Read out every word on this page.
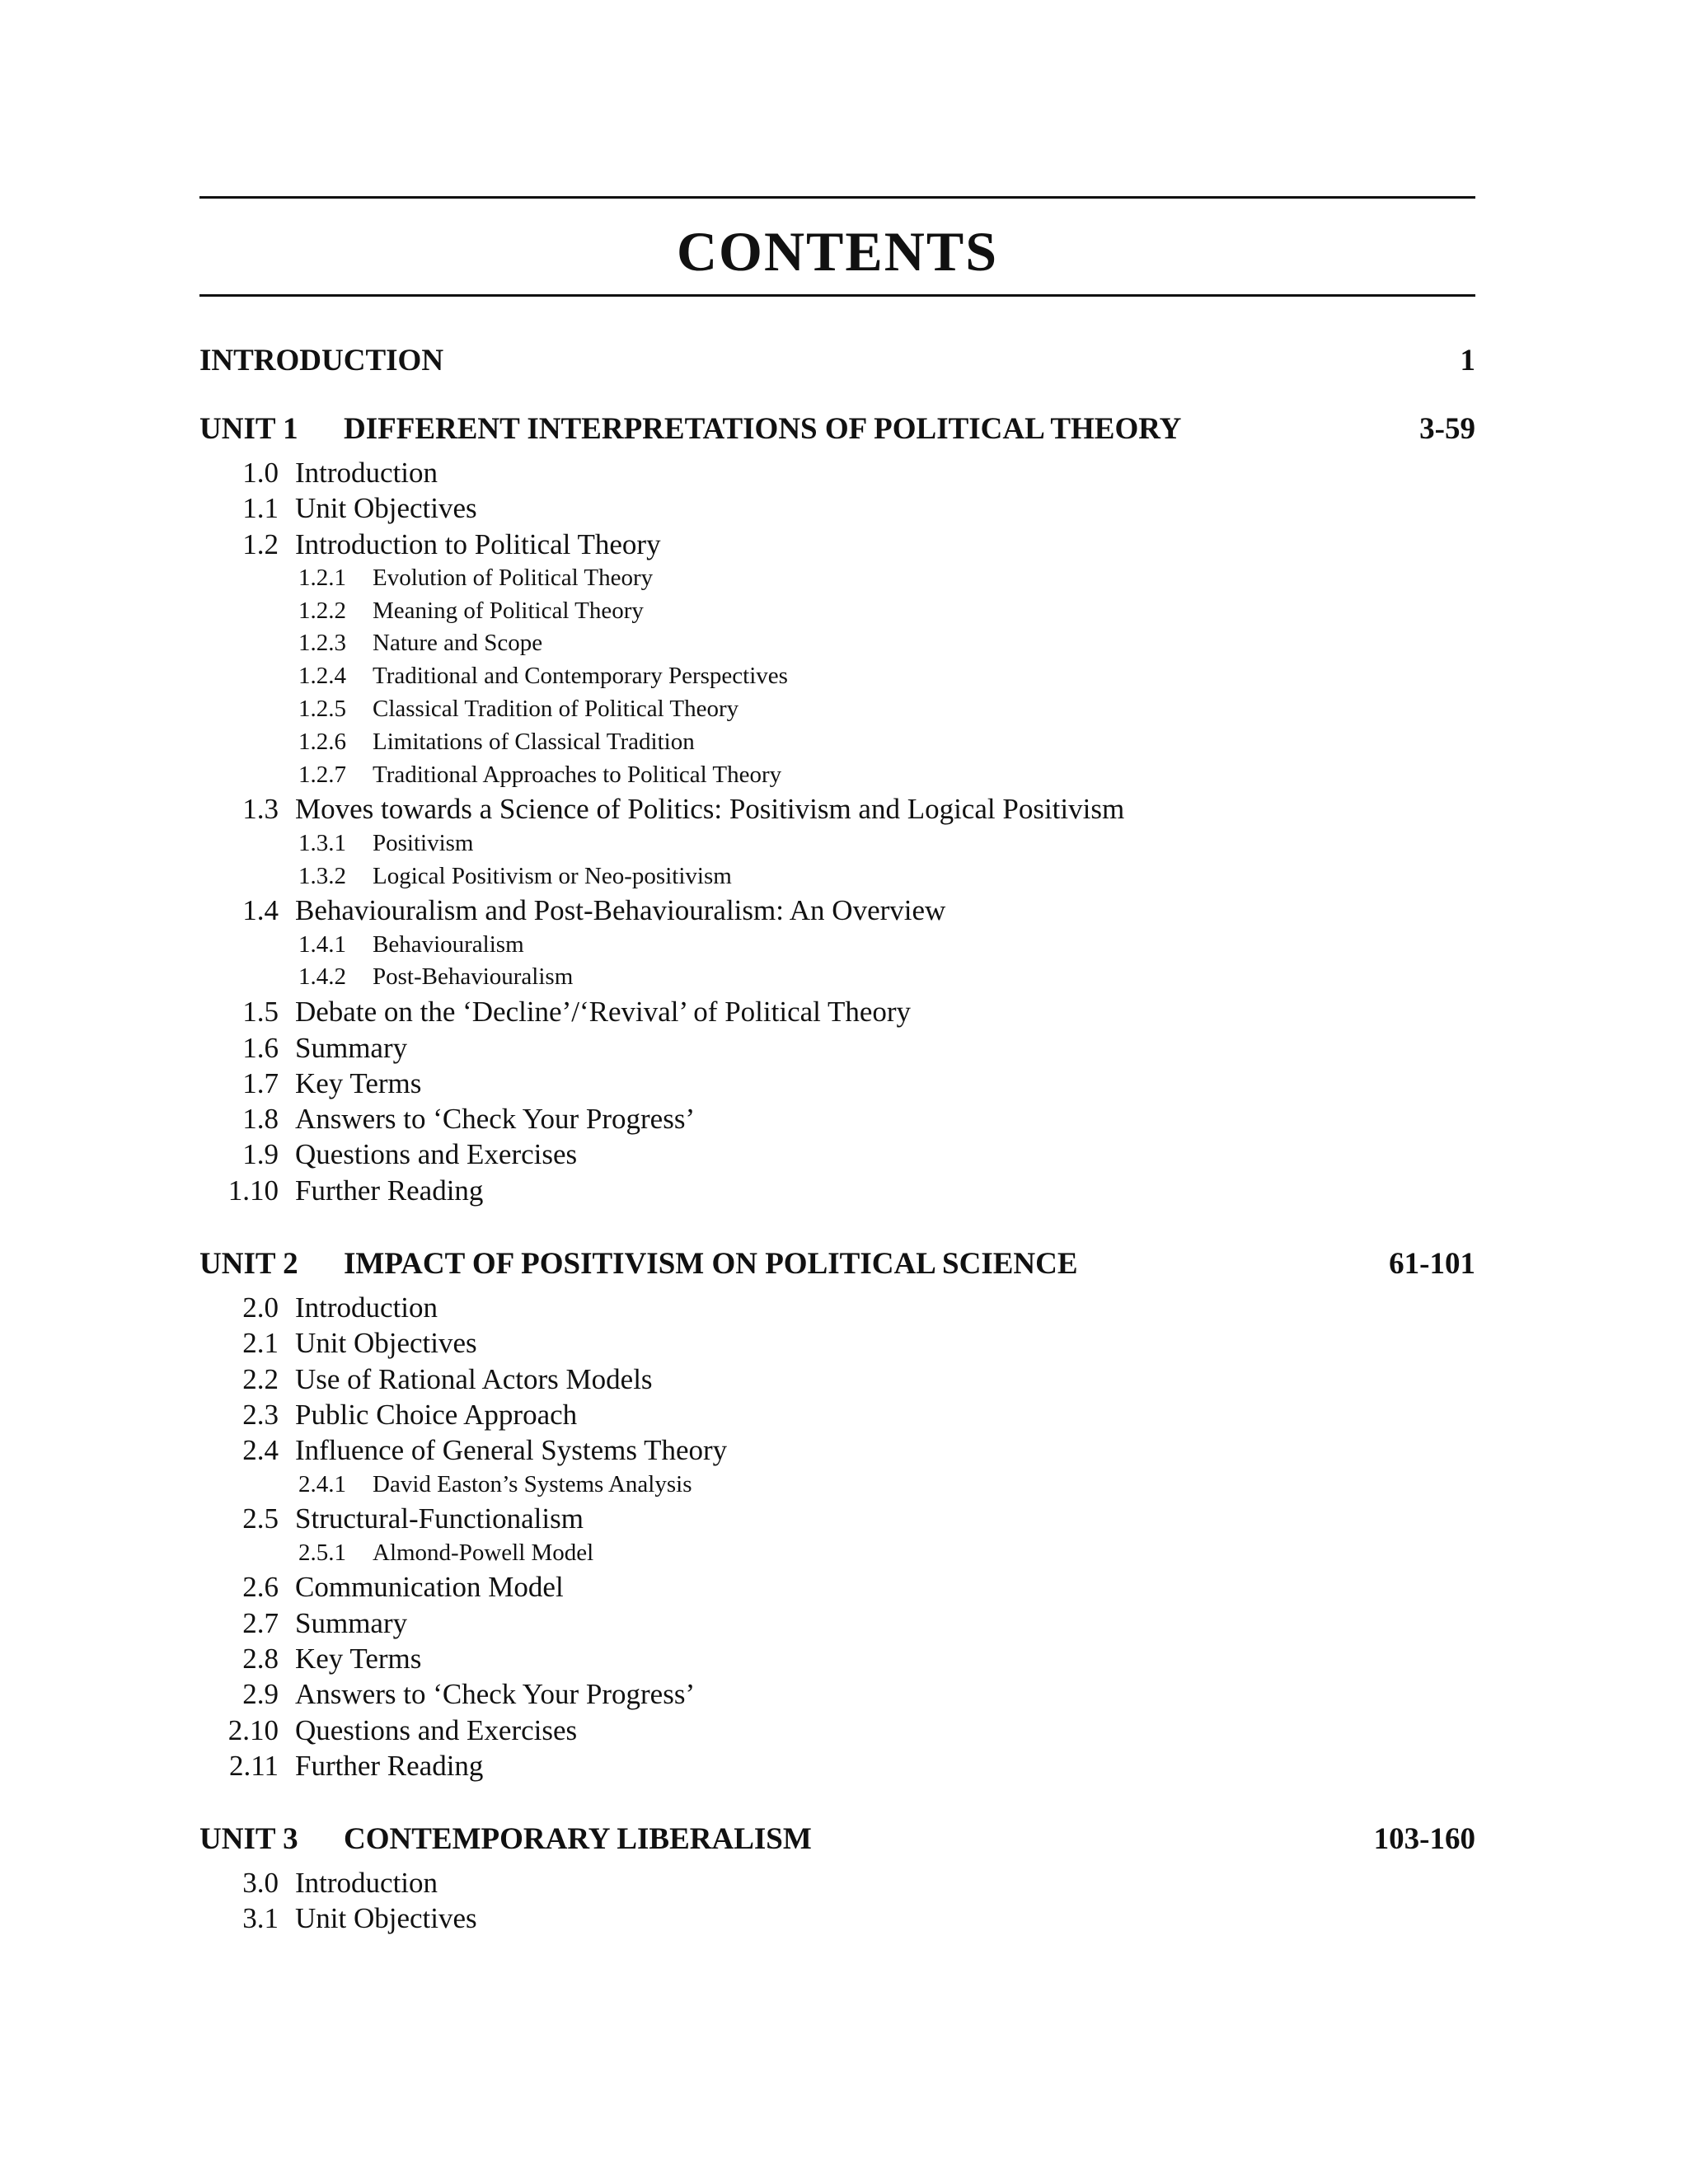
CONTENTS
INTRODUCTION	1
UNIT 1	DIFFERENT INTERPRETATIONS OF POLITICAL THEORY	3-59
1.0 Introduction
1.1 Unit Objectives
1.2 Introduction to Political Theory
1.2.1	Evolution of Political Theory
1.2.2	Meaning of Political Theory
1.2.3	Nature and Scope
1.2.4	Traditional and Contemporary Perspectives
1.2.5	Classical Tradition of Political Theory
1.2.6	Limitations of Classical Tradition
1.2.7	Traditional Approaches to Political Theory
1.3 Moves towards a Science of Politics: Positivism and Logical Positivism
1.3.1	Positivism
1.3.2	Logical Positivism or Neo-positivism
1.4 Behaviouralism and Post-Behaviouralism: An Overview
1.4.1	Behaviouralism
1.4.2	Post-Behaviouralism
1.5 Debate on the ‘Decline’/‘Revival’ of Political Theory
1.6 Summary
1.7 Key Terms
1.8 Answers to ‘Check Your Progress’
1.9 Questions and Exercises
1.10 Further Reading
UNIT 2	IMPACT OF POSITIVISM ON POLITICAL SCIENCE	61-101
2.0 Introduction
2.1 Unit Objectives
2.2 Use of Rational Actors Models
2.3 Public Choice Approach
2.4 Influence of General Systems Theory
2.4.1	David Easton’s Systems Analysis
2.5 Structural-Functionalism
2.5.1	Almond-Powell Model
2.6 Communication Model
2.7 Summary
2.8 Key Terms
2.9 Answers to ‘Check Your Progress’
2.10 Questions and Exercises
2.11 Further Reading
UNIT 3	CONTEMPORARY LIBERALISM	103-160
3.0 Introduction
3.1 Unit Objectives
